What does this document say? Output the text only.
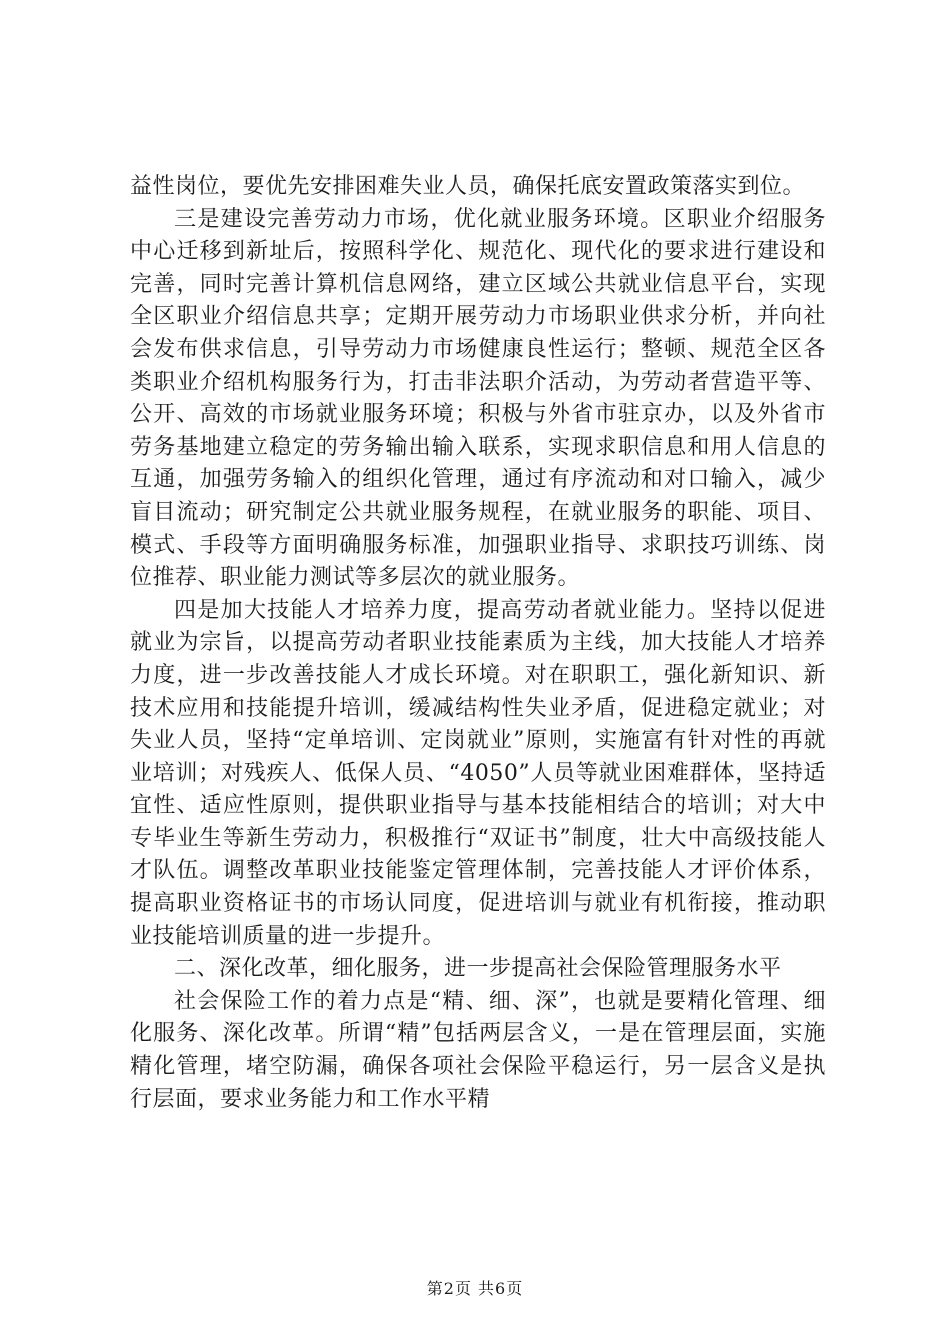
益性岗位，要优先安排困难失业人员，确保托底安置政策落实到位。

三是建设完善劳动力市场，优化就业服务环境。区职业介绍服务中心迁移到新址后，按照科学化、规范化、现代化的要求进行建设和完善，同时完善计算机信息网络，建立区域公共就业信息平台，实现全区职业介绍信息共享；定期开展劳动力市场职业供求分析，并向社会发布供求信息，引导劳动力市场健康良性运行；整顿、规范全区各类职业介绍机构服务行为，打击非法职介活动，为劳动者营造平等、公开、高效的市场就业服务环境；积极与外省市驻京办，以及外省市劳务基地建立稳定的劳务输出输入联系，实现求职信息和用人信息的互通，加强劳务输入的组织化管理，通过有序流动和对口输入，减少盲目流动；研究制定公共就业服务规程，在就业服务的职能、项目、模式、手段等方面明确服务标准，加强职业指导、求职技巧训练、岗位推荐、职业能力测试等多层次的就业服务。

四是加大技能人才培养力度，提高劳动者就业能力。坚持以促进就业为宗旨，以提高劳动者职业技能素质为主线，加大技能人才培养力度，进一步改善技能人才成长环境。对在职职工，强化新知识、新技术应用和技能提升培训，缓减结构性失业矛盾，促进稳定就业；对失业人员，坚持“定单培训、定岗就业”原则，实施富有针对性的再就业培训；对残疾人、低保人员、“4050”人员等就业困难群体，坚持适宜性、适应性原则，提供职业指导与基本技能相结合的培训；对大中专毕业生等新生劳动力，积极推行“双证书”制度，壮大中高级技能人才队伍。调整改革职业技能鉴定管理体制，完善技能人才评价体系，提高职业资格证书的市场认同度，促进培训与就业有机衔接，推动职业技能培训质量的进一步提升。

二、深化改革，细化服务，进一步提高社会保险管理服务水平

社会保险工作的着力点是“精、细、深”，也就是要精化管理、细化服务、深化改革。所谓“精”包括两层含义，一是在管理层面，实施精化管理，堵空防漏，确保各项社会保险平稳运行，另一层含义是执行层面，要求业务能力和工作水平精

第2页 共6页
